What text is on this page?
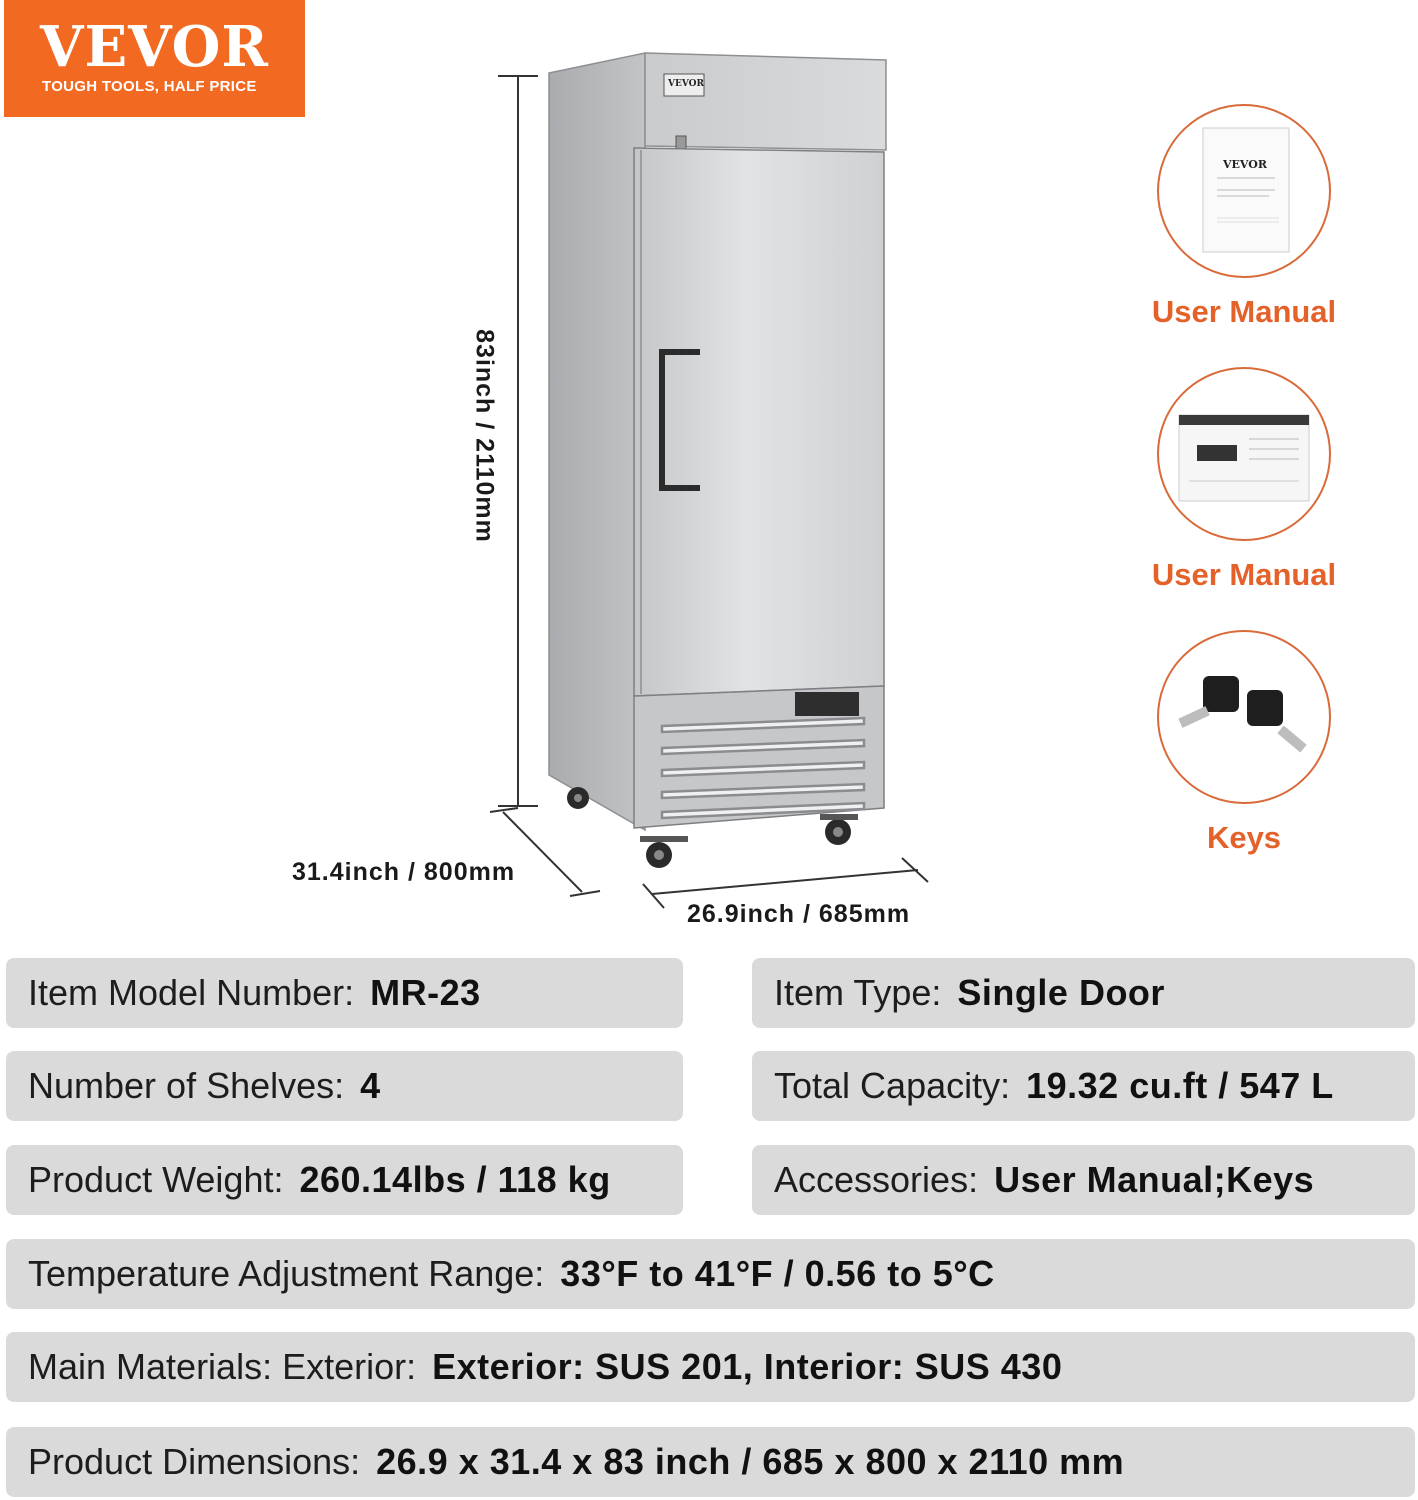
VEVOR
TOUGH TOOLS, HALF PRICE	VEVOR
83inch / 2110mm
31.4inch / 800mm
26.9inch / 685mm
VEVOR
User Manual
User Manual
Keys
Item Model Number: MR-23	Item Type: Single Door
Number of Shelves: 4	Total Capacity: 19.32 cu.ft / 547 L
Product Weight: 260.14lbs / 118 kg	Accessories: User Manual;Keys
Temperature Adjustment Range: 33°F to 41°F / 0.56 to 5°C
Main Materials: Exterior: Exterior: SUS 201, Interior: SUS 430
Product Dimensions: 26.9 x 31.4 x 83 inch / 685 x 800 x 2110 mm
